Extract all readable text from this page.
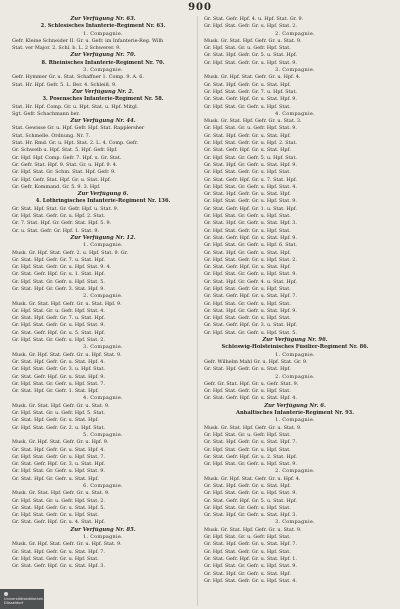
900
Zur Verfügung Nr. 63.
2. Schlesisches Infanterie-Regiment Nr. 63.
1. Compagnie.
Gefr. Kleine Schneider II. Gr. u. Gefr. im Infanterie-Reg. Wilh
Stat. ver Major. 2. Schl. b. L. 2 Schwerer. 9.
Zur Verfügung Nr. 70.
8. Rheinisches Infanterie-Regiment Nr. 70.
3. Compagnie.
Gefr. Hymmer Gr. u. Stat. Schaffner 1. Comp. 9. A. 6.
Stat. Hr. Hpf. Gefr. 5. L. Ber. 4. Schleiß. 9.
Zur Verfügung Nr. 2.
3. Posensches Infanterie-Regiment Nr. 58.
Stat. Hr. Hpf. Comp. Gr. u. Hpt. Stat. u. Hpf. Mitgl.
Sgt. Gefr. Schachmann ber.
Zur Verfügung Nr. 44.
Stat. Gewisse Gr. u. Hpf. Gefr. Hpf. Stat. Rapplersher
Stat. Schmelle. Ordnung. Nr. 7.
Stat. Hr. Rmd. Gr. u. Hpt. Stat. 2. L. 4. Comp. Gefr.
Gr. Schwelb u. Hpf. Stat. 5. Hpf. Gefr. Hpf.
Gr. Hpf. Hpf. Comp. Gefr. 7. Hpf. u. Gr. Stat.
Gr. Gefr. Stat. Hpf. 9. Stat. Gr. u. Hpf. 9. 4.
Gr. Hpf. Stat. Gr. Schm. Stat. Hpf. Gefr. 9.
Gr. Hpf. Gefr. Stat. Hpf. Gr. u. Stat. Hpf.
Gr. Gefr. Kommand. Gr. 5. 9. 3. Hpf.
Zur Verfügung 6.
4. Lothringisches Infanterie-Regiment Nr. 136.
Gr. Stat. Hpf. Stat. Gr. Gefr. Hpf. u. Stat. 9.
Gr. Hpf. Stat. Gefr. Gr. u. Hpf. 2. Stat.
Gr. 7. Stat. Hpf. Gr. Gefr. Stat. Hpf. 5. 9.
Gr. u. Stat. Gefr. Gr. Hpf. 1. Stat. 9.
Zur Verfügung Nr. 12.
1. Compagnie.
Musk. Gr. Hpf. Stat. Gefr. 2. u. Hpf. Stat. 9. Gr.
Gr. Stat. Hpf. Gefr. Gr. 7. u. Stat. Hpf.
Gr. Hpf. Stat. Gefr. Gr. u. Hpf. Stat. 9. 4.
Gr. Stat. Gefr. Hpf. Gr. u. 1. Stat. Hpf.
Gr. Hpf. Stat. Gr. Gefr. u. Hpf. Stat. 5.
Gr. Stat. Hpf. Gr. Gefr. 3. Stat. Hpf. 9.
2. Compagnie.
Musk. Gr. Stat. Hpf. Gefr. Gr. u. Stat. Hpf. 9.
Gr. Hpf. Stat. Gr. u. Gefr. Hpf. Stat. 4.
Gr. Stat. Hpf. Gefr. Gr. 7. u. Stat. Hpf.
Gr. Hpf. Stat. Gefr. Gr. u. Hpf. Stat. 9.
Gr. Stat. Gefr. Hpf. Gr. u. 5. Stat. Hpf.
Gr. Hpf. Stat. Gr. Gefr. u. Hpf. Stat. 2.
3. Compagnie.
Musk. Gr. Hpf. Stat. Gefr. Gr. u. Hpf. Stat. 9.
Gr. Stat. Hpf. Gefr. Gr. u. Stat. Hpf. 4.
Gr. Hpf. Stat. Gefr. Gr. 3. u. Hpf. Stat.
Gr. Stat. Gefr. Hpf. Gr. u. Stat. Hpf. 9.
Gr. Hpf. Stat. Gr. Gefr. u. Hpf. Stat. 7.
Gr. Stat. Hpf. Gr. Gefr. 1. Stat. Hpf.
4. Compagnie.
Musk. Gr. Stat. Hpf. Gefr. Gr. u. Stat. 9.
Gr. Hpf. Stat. Gr. u. Gefr. Hpf. 5. Stat.
Gr. Stat. Hpf. Gefr. Gr. u. Stat. Hpf.
Gr. Hpf. Stat. Gefr. Gr. 2. u. Hpf. Stat.
5. Compagnie.
Musk. Gr. Hpf. Stat. Gefr. Gr. u. Hpf. 9.
Gr. Stat. Hpf. Gefr. Gr. u. Stat. Hpf. 4.
Gr. Hpf. Stat. Gefr. Gr. u. Hpf. Stat. 7.
Gr. Stat. Gefr. Hpf. Gr. 3. u. Stat. Hpf.
Gr. Hpf. Stat. Gr. Gefr. u. Hpf. Stat. 9.
Gr. Stat. Hpf. Gr. Gefr. u. Stat. Hpf.
6. Compagnie.
Musk. Gr. Stat. Hpf. Gefr. Gr. u. Stat. 9.
Gr. Hpf. Stat. Gr. u. Gefr. Hpf. Stat. 2.
Gr. Stat. Hpf. Gefr. Gr. u. Stat. Hpf. 5.
Gr. Hpf. Stat. Gefr. Gr. u. Hpf. Stat.
Gr. Stat. Gefr. Hpf. Gr. u. 4. Stat. Hpf.
Zur Verfügung Nr. 85.
1. Compagnie.
Musk. Gr. Hpf. Stat. Gefr. Gr. u. Hpf. Stat. 9.
Gr. Stat. Hpf. Gefr. Gr. u. Stat. Hpf. 7.
Gr. Hpf. Stat. Gefr. Gr. u. Hpf. Stat.
Gr. Stat. Gefr. Hpf. Gr. u. Stat. Hpf. 3.
Gr. Stat. Gefr. Hpf. 4. u. Hpf. Stat. Gr. 9.
Gr. Hpf. Stat. Gefr. Gr. u. Hpf. Stat. 2.
2. Compagnie.
Musk. Gr. Stat. Hpf. Gefr. Gr. u. Stat. 9.
Gr. Hpf. Stat. Gr. u. Gefr. Hpf. Stat.
Gr. Stat. Hpf. Gefr. Gr. 5. u. Stat. Hpf.
Gr. Hpf. Stat. Gefr. Gr. u. Hpf. Stat. 9.
3. Compagnie.
Musk. Gr. Hpf. Stat. Gefr. Gr. u. Hpf. 4.
Gr. Stat. Hpf. Gefr. Gr. u. Stat. Hpf.
Gr. Hpf. Stat. Gefr. Gr. 7. u. Hpf. Stat.
Gr. Stat. Gefr. Hpf. Gr. u. Stat. Hpf. 9.
Gr. Hpf. Stat. Gr. Gefr. u. Hpf. Stat.
4. Compagnie.
Musk. Gr. Stat. Hpf. Gefr. Gr. u. Stat. 3.
Gr. Hpf. Stat. Gr. u. Gefr. Hpf. Stat. 9.
Gr. Stat. Hpf. Gefr. Gr. u. Stat. Hpf.
Gr. Hpf. Stat. Gefr. Gr. u. Hpf. 2. Stat.
Gr. Stat. Gefr. Hpf. Gr. u. Stat. Hpf.
Gr. Hpf. Stat. Gr. Gefr. 5. u. Hpf. Stat.
Gr. Stat. Hpf. Gr. Gefr. u. Stat. Hpf. 9.
Gr. Hpf. Stat. Gefr. Gr. u. Hpf. Stat.
Gr. Stat. Gefr. Hpf. Gr. u. 7. Stat. Hpf.
Gr. Hpf. Stat. Gr. Gefr. u. Hpf. Stat. 4.
Gr. Stat. Hpf. Gefr. Gr. u. Stat. Hpf.
Gr. Hpf. Stat. Gefr. Gr. u. Hpf. Stat. 9.
Gr. Stat. Gefr. Hpf. Gr. 1. u. Stat. Hpf.
Gr. Hpf. Stat. Gr. Gefr. u. Hpf. Stat.
Gr. Stat. Hpf. Gr. Gefr. u. Stat. Hpf. 3.
Gr. Hpf. Stat. Gefr. Gr. u. Hpf. Stat.
Gr. Stat. Gefr. Hpf. Gr. u. Stat. Hpf. 9.
Gr. Hpf. Stat. Gr. Gefr. u. Hpf. 6. Stat.
Gr. Stat. Hpf. Gr. Gefr. u. Stat. Hpf.
Gr. Hpf. Stat. Gefr. Gr. u. Hpf. Stat. 2.
Gr. Stat. Gefr. Hpf. Gr. u. Stat. Hpf.
Gr. Hpf. Stat. Gr. Gefr. u. Hpf. Stat. 9.
Gr. Stat. Hpf. Gr. Gefr. 4. u. Stat. Hpf.
Gr. Hpf. Stat. Gefr. Gr. u. Hpf. Stat.
Gr. Stat. Gefr. Hpf. Gr. u. Stat. Hpf. 7.
Gr. Hpf. Stat. Gr. Gefr. u. Hpf. Stat.
Gr. Stat. Hpf. Gr. Gefr. u. Stat. Hpf. 9.
Gr. Hpf. Stat. Gefr. Gr. u. Hpf. Stat.
Gr. Stat. Gefr. Hpf. Gr. 3. u. Stat. Hpf.
Gr. Hpf. Stat. Gr. Gefr. u. Hpf. Stat. 5.
Zur Verfügung Nr. 96.
Schleswig-Holsteinisches Füsilier-Regiment Nr. 86.
1. Compagnie.
Gefr. Wilhelm Mahl Gr. u. Hpf. Stat. Gr. 9.
Gr. Stat. Hpf. Gefr. Gr. u. Stat. Hpf.
2. Compagnie.
Gefr. Gr. Stat. Hpf. Gr. u. Gefr. Stat. 9.
Gr. Hpf. Stat. Gefr. Gr. u. Hpf. Stat.
Gr. Stat. Gefr. Hpf. Gr. u. Stat. Hpf. 4.
Zur Verfügung Nr. 6.
Anhaltisches Infanterie-Regiment Nr. 93.
1. Compagnie.
Musk. Gr. Stat. Hpf. Gefr. Gr. u. Stat. 9.
Gr. Hpf. Stat. Gr. u. Gefr. Hpf. Stat.
Gr. Stat. Hpf. Gefr. Gr. u. Stat. Hpf. 7.
Gr. Hpf. Stat. Gefr. Gr. u. Hpf. Stat.
Gr. Stat. Gefr. Hpf. Gr. u. 2. Stat. Hpf.
Gr. Hpf. Stat. Gr. Gefr. u. Hpf. Stat. 9.
2. Compagnie.
Musk. Gr. Hpf. Stat. Gefr. Gr. u. Hpf. 4.
Gr. Stat. Hpf. Gefr. Gr. u. Stat. Hpf.
Gr. Hpf. Stat. Gefr. Gr. u. Hpf. Stat. 9.
Gr. Stat. Gefr. Hpf. Gr. 5. u. Stat. Hpf.
Gr. Hpf. Stat. Gr. Gefr. u. Hpf. Stat.
Gr. Stat. Hpf. Gr. Gefr. u. Stat. Hpf. 3.
3. Compagnie.
Musk. Gr. Stat. Hpf. Gefr. Gr. u. Stat. 9.
Gr. Hpf. Stat. Gr. u. Gefr. Hpf. Stat.
Gr. Stat. Hpf. Gefr. Gr. u. Stat. Hpf. 7.
Gr. Hpf. Stat. Gefr. Gr. u. Hpf. Stat.
Gr. Stat. Gefr. Hpf. Gr. u. Stat. Hpf. 1.
Gr. Hpf. Stat. Gr. Gefr. u. Hpf. Stat. 9.
Gr. Stat. Hpf. Gr. Gefr. u. Stat. Hpf.
Gr. Hpf. Stat. Gefr. Gr. u. Hpf. Stat. 4.
Universitätsbibliothek
Düsseldorf
